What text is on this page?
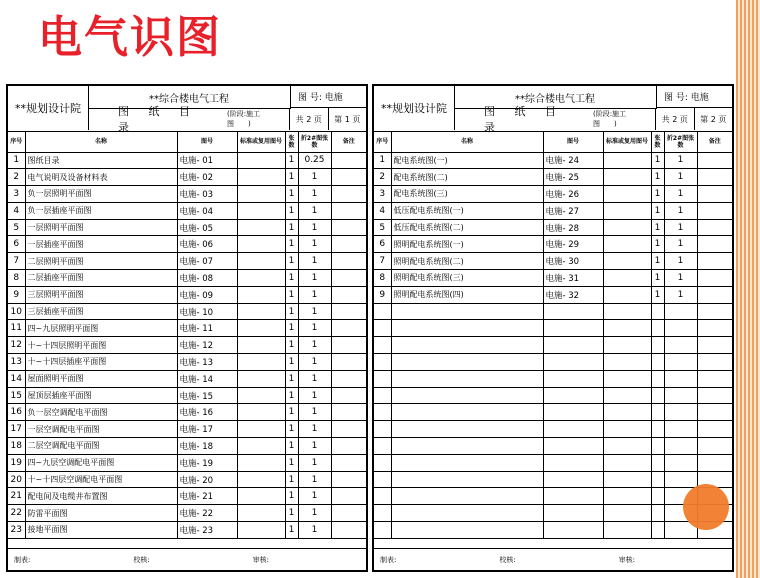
电气识图
**规划设计院
**综合楼电气工程
图 纸 目 录
(阶段:施工图　　)
图 号: 电施
共 2 页	第 1 页
序号	名称	图号	标准或复用图号	张数	折2#图张数	备注
1	图纸目录	电施- 01		1	0.25	
2	电气说明及设备材料表	电施- 02		1	1	
3	负一层照明平面图	电施- 03		1	1	
4	负一层插座平面图	电施- 04		1	1	
5	一层照明平面图	电施- 05		1	1	
6	一层插座平面图	电施- 06		1	1	
7	二层照明平面图	电施- 07		1	1	
8	二层插座平面图	电施- 08		1	1	
9	三层照明平面图	电施- 09		1	1	
10	三层插座平面图	电施- 10		1	1	
11	四~九层照明平面图	电施- 11		1	1	
12	十~十四层照明平面图	电施- 12		1	1	
13	十~十四层插座平面图	电施- 13		1	1	
14	屋面照明平面图	电施- 14		1	1	
15	屋顶层插座平面图	电施- 15		1	1	
16	负一层空调配电平面图	电施- 16		1	1	
17	一层空调配电平面图	电施- 17		1	1	
18	二层空调配电平面图	电施- 18		1	1	
19	四~九层空调配电平面图	电施- 19		1	1	
20	十~十四层空调配电平面图	电施- 20		1	1	
21	配电间及电缆井布置图	电施- 21		1	1	
22	防雷平面图	电施- 22		1	1	
23	接地平面图	电施- 23		1	1	
制表:	校核:	审核:
**规划设计院
**综合楼电气工程
图 纸 目 录
(阶段:施工图　　)
图 号: 电施
共 2 页	第 2 页
序号	名称	图号	标准或复用图号	张数	折2#图张数	备注
1	配电系统图(一)	电施- 24		1	1	
2	配电系统图(二)	电施- 25		1	1	
3	配电系统图(三)	电施- 26		1	1	
4	低压配电系统图(一)	电施- 27		1	1	
5	低压配电系统图(二)	电施- 28		1	1	
6	照明配电系统图(一)	电施- 29		1	1	
7	照明配电系统图(二)	电施- 30		1	1	
8	照明配电系统图(三)	电施- 31		1	1	
9	照明配电系统图(四)	电施- 32		1	1	

制表:	校核:	审核:
